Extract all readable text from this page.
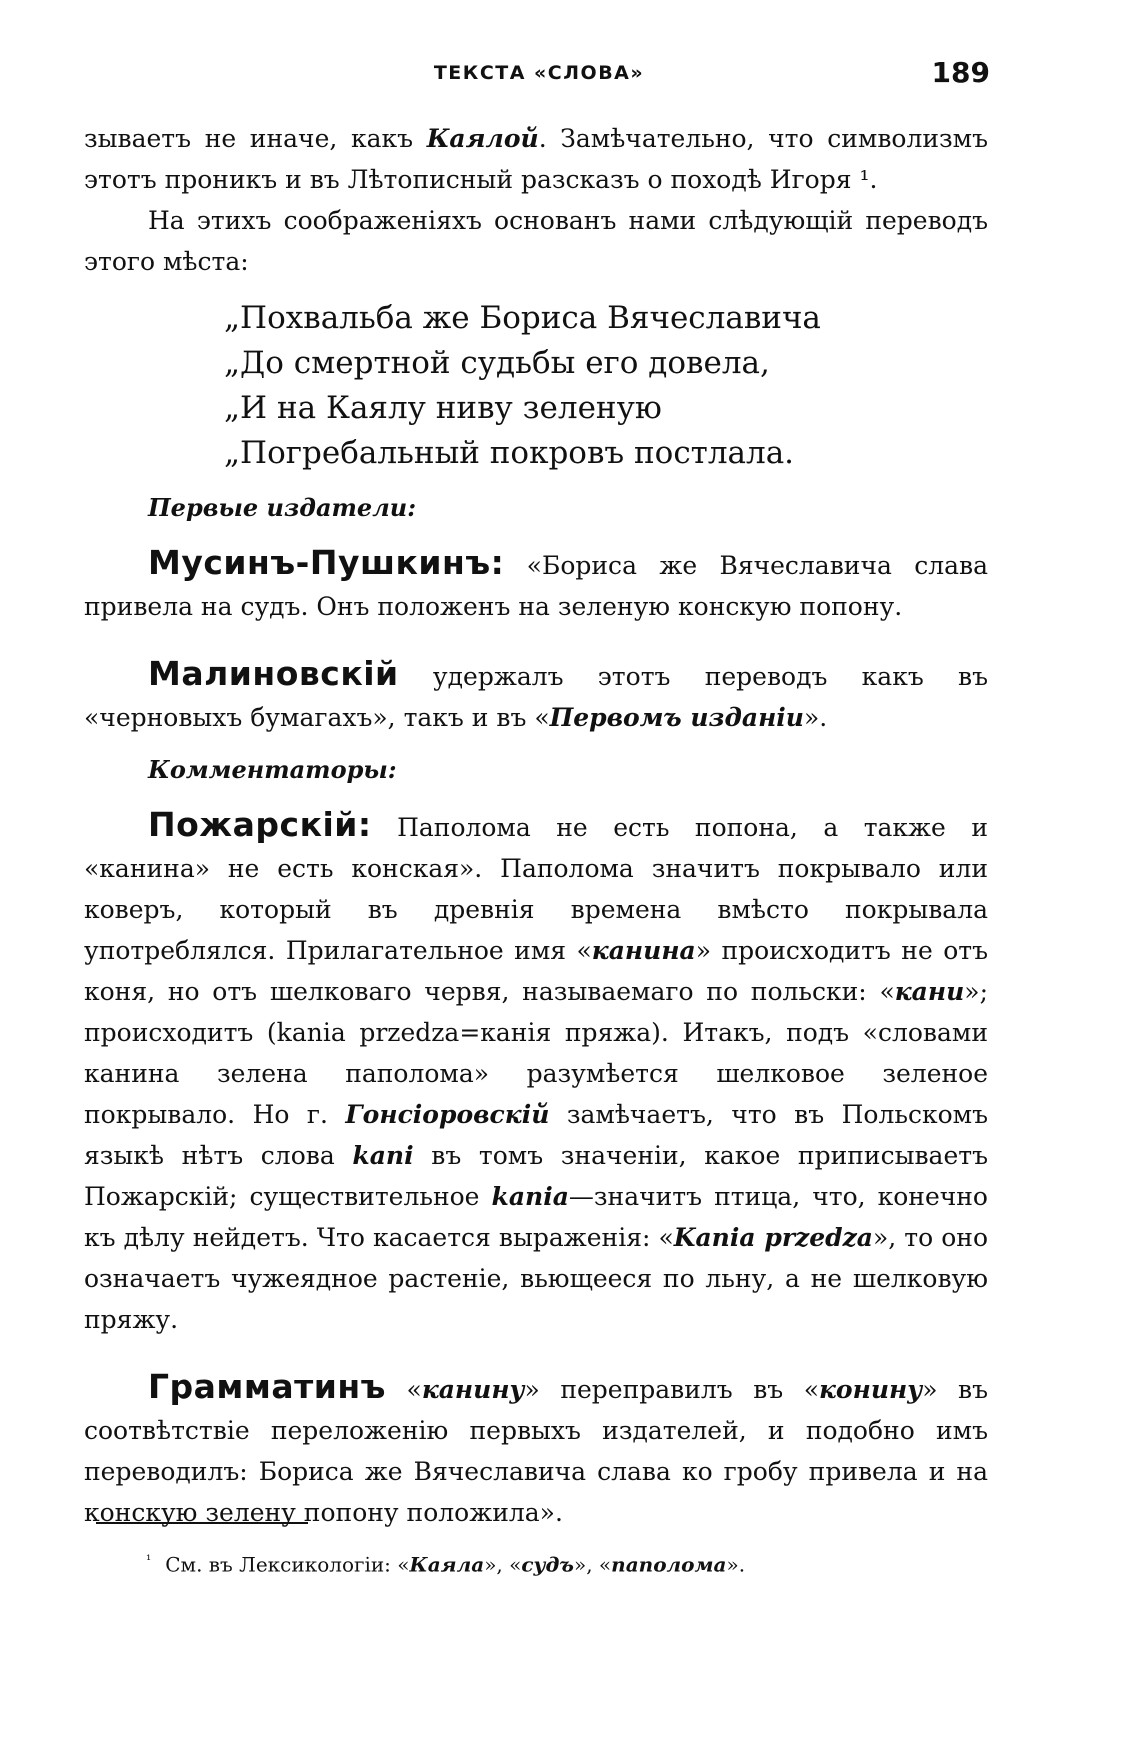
ТЕКСТА «СЛОВА»	189

зываетъ не иначе, какъ Каялой. Замѣчательно, что символизмъ этотъ проникъ и въ Лѣтописный разсказъ о походѣ Игоря ¹.

На этихъ соображеніяхъ основанъ нами слѣдующій переводъ этого мѣста:

„Похвальба же Бориса Вячеславича
„До смертной судьбы его довела,
„И на Каялу ниву зеленую
„Погребальный покровъ постлала.
Первые издатели:

Мусинъ-Пушкинъ: «Бориса же Вячеславича слава привела на судъ. Онъ положенъ на зеленую конскую попону.

Малиновскій удержалъ этотъ переводъ какъ въ «черновыхъ бумагахъ», такъ и въ «Первомъ изданіи».

Комментаторы:

Пожарскій: Паполома не есть попона, а также и «канина» не есть конская». Паполома значитъ покрывало или коверъ, который въ древнія времена вмѣсто покрывала употреблялся. Прилагательное имя «канина» происходитъ не отъ коня, но отъ шелковаго червя, называемаго по польски: «кани»; происходитъ (kania przedza=канія пряжа). Итакъ, подъ «словами канина зелена паполома» разумѣется шелковое зеленое покрывало. Но г. Гонсіоровскій замѣчаетъ, что въ Польскомъ языкѣ нѣтъ слова kani въ томъ значеніи, какое приписываетъ Пожарскій; существительное kania—значитъ птица, что, конечно къ дѣлу нейдетъ. Что касается выраженія: «Kania przedza», то оно означаетъ чужеядное растеніе, вьющееся по льну, а не шелковую пряжу.

Грамматинъ «канину» переправилъ въ «конину» въ соотвѣтствіе переложенію первыхъ издателей, и подобно имъ переводилъ: Бориса же Вячеславича слава ко гробу привела и на конскую зелену попону положила».

$^{^1}$ См. въ Лексикологіи: «Каяла», «судъ», «паполома».
